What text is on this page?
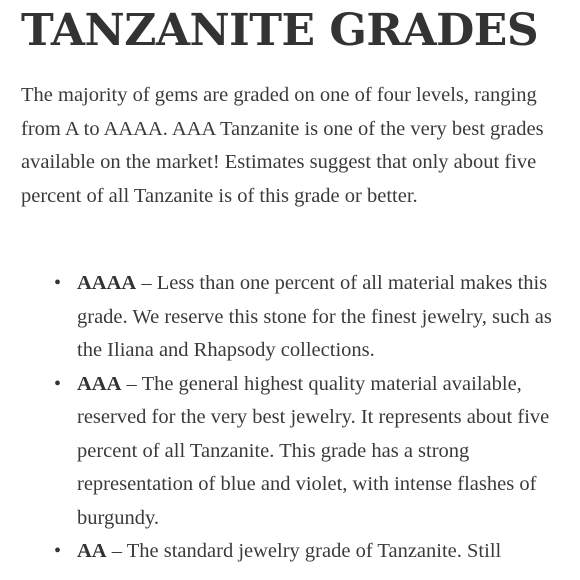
TANZANITE GRADES

The majority of gems are graded on one of four levels, ranging from A to AAAA. AAA Tanzanite is one of the very best grades available on the market! Estimates suggest that only about five percent of all Tanzanite is of this grade or better.

• AAAA – Less than one percent of all material makes this grade. We reserve this stone for the finest jewelry, such as the Iliana and Rhapsody collections.
• AAA – The general highest quality material available, reserved for the very best jewelry. It represents about five percent of all Tanzanite. This grade has a strong representation of blue and violet, with intense flashes of burgundy.
• AA – The standard jewelry grade of Tanzanite. Still
